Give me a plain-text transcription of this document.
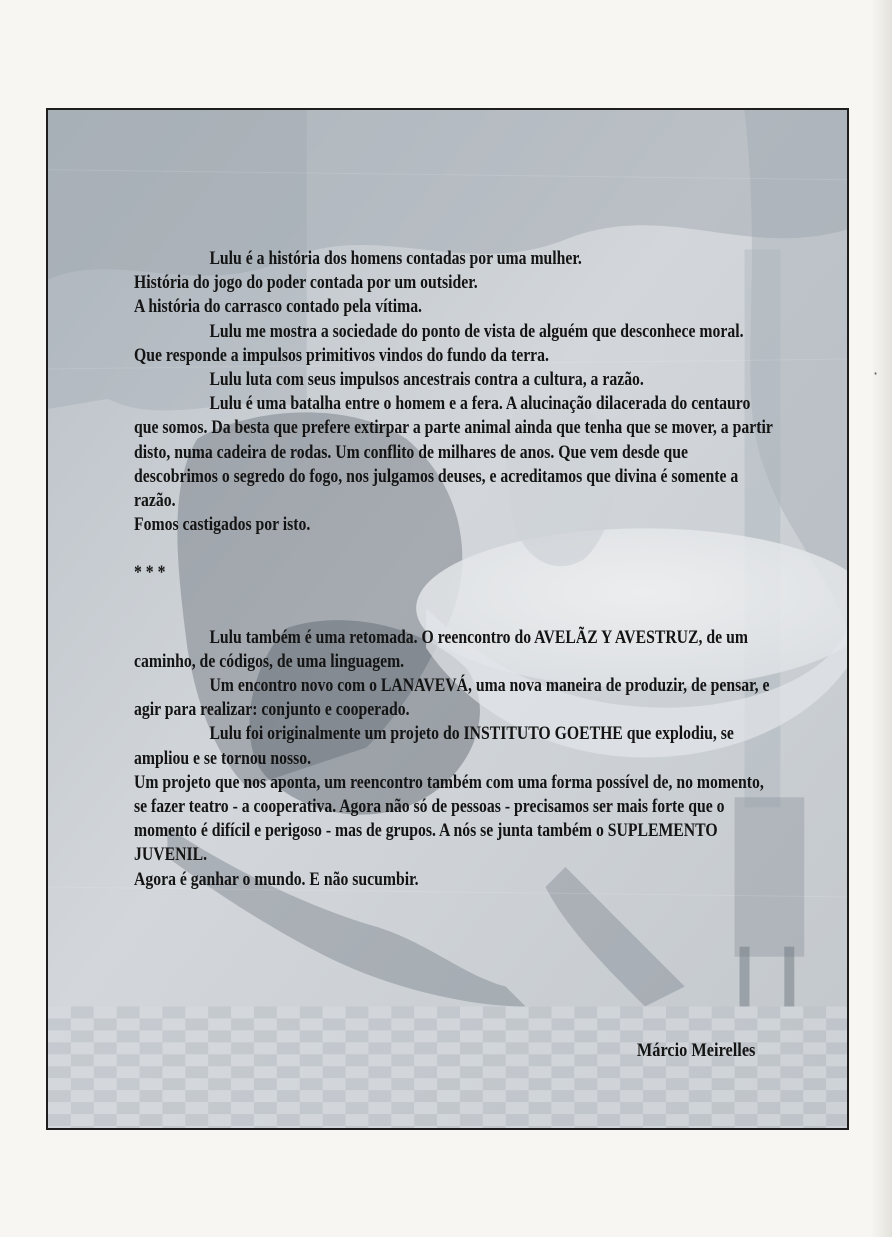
·

Lulu é a história dos homens contadas por uma mulher.

História do jogo do poder contada por um outsider.

A história do carrasco contado pela vítima.

Lulu me mostra a sociedade do ponto de vista de alguém que desconhece moral. Que responde a impulsos primitivos vindos do fundo da terra.

Lulu luta com seus impulsos ancestrais contra a cultura, a razão.

Lulu é uma batalha entre o homem e a fera. A alucinação dilacerada do centauro que somos. Da besta que prefere extirpar a parte animal ainda que tenha que se mover, a partir disto, numa cadeira de rodas. Um conflito de milhares de anos. Que vem desde que descobrimos o segredo do fogo, nos julgamos deuses, e acreditamos que divina é somente a razão.

Fomos castigados por isto.

* * *

Lulu também é uma retomada. O reencontro do AVELÃZ Y AVESTRUZ, de um caminho, de códigos, de uma linguagem.

Um encontro novo com o LANAVEVÁ, uma nova maneira de produzir, de pensar, e agir para realizar: conjunto e cooperado.

Lulu foi originalmente um projeto do INSTITUTO GOETHE que explodiu, se ampliou e se tornou nosso.

Um projeto que nos aponta, um reencontro também com uma forma possível de, no momento, se fazer teatro - a cooperativa. Agora não só de pessoas - precisamos ser mais forte que o momento é difícil e perigoso - mas de grupos. A nós se junta também o SUPLEMENTO JUVENIL.

Agora é ganhar o mundo. E não sucumbir.

Márcio Meirelles
